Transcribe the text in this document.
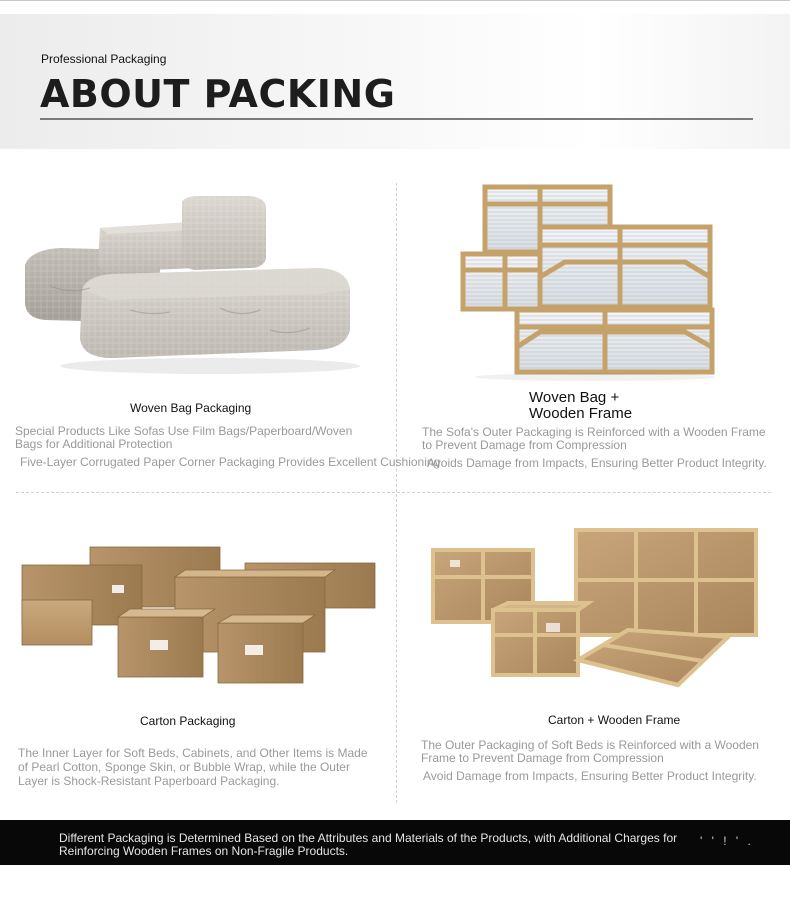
Professional Packaging
ABOUT PACKING
Woven Bag Packaging
Special Products Like Sofas Use Film Bags/Paperboard/Woven Bags for Additional Protection
Five-Layer Corrugated Paper Corner Packaging Provides Excellent Cushioning.
Woven Bag +
Wooden Frame
The Sofa's Outer Packaging is Reinforced with a Wooden Frame to Prevent Damage from Compression
Avoids Damage from Impacts, Ensuring Better Product Integrity.
Carton Packaging
The Inner Layer for Soft Beds, Cabinets, and Other Items is Made of Pearl Cotton, Sponge Skin, or Bubble Wrap, while the Outer Layer is Shock-Resistant Paperboard Packaging.
Carton + Wooden Frame
The Outer Packaging of Soft Beds is Reinforced with a Wooden Frame to Prevent Damage from Compression
Avoid Damage from Impacts, Ensuring Better Product Integrity.
Different Packaging is Determined Based on the Attributes and Materials of the Products, with Additional Charges for Reinforcing Wooden Frames on Non-Fragile Products.
' ' ! ' .
